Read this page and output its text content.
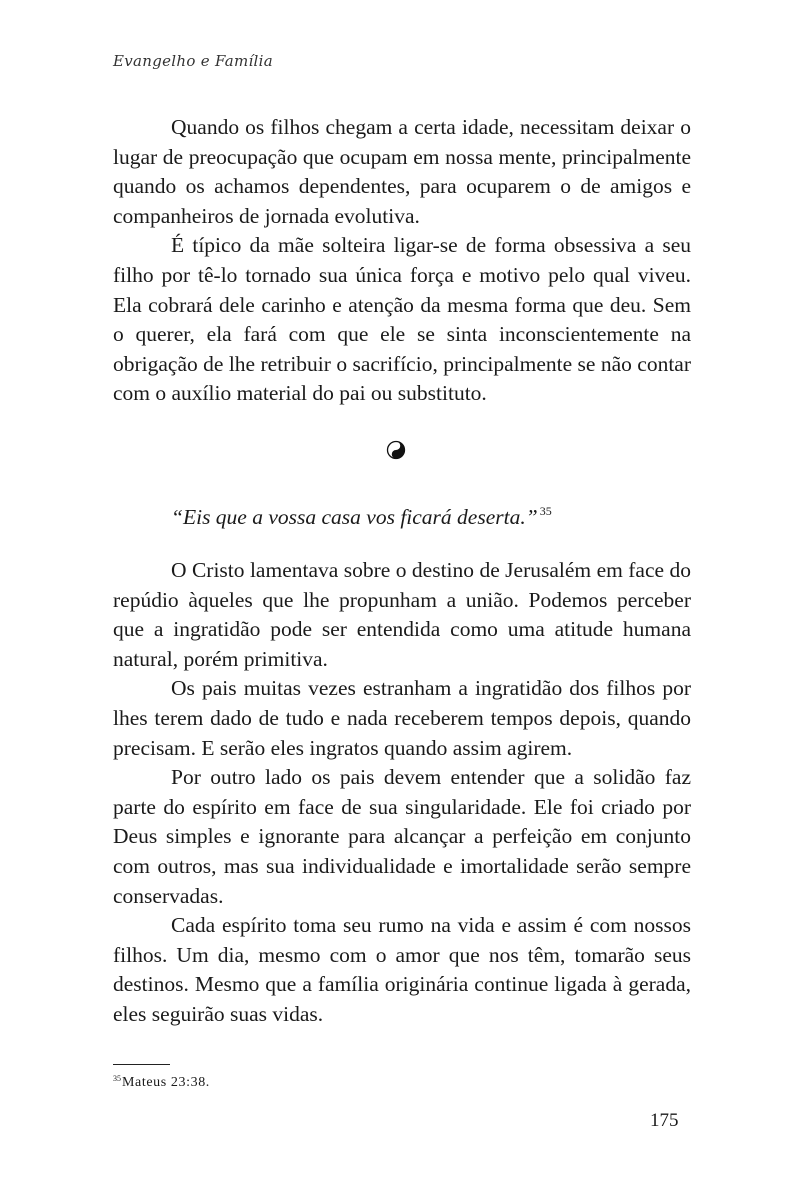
Evangelho e Família

Quando os filhos chegam a certa idade, necessitam deixar o lugar de preocupação que ocupam em nossa mente, principalmente quando os achamos dependentes, para ocuparem o de amigos e companheiros de jornada evolutiva.

É típico da mãe solteira ligar-se de forma obsessiva a seu filho por tê-lo tornado sua única força e motivo pelo qual viveu. Ela cobrará dele carinho e atenção da mesma forma que deu. Sem o querer, ela fará com que ele se sinta inconscientemente na obrigação de lhe retribuir o sacrifício, principalmente se não contar com o auxílio material do pai ou substituto.

“Eis que a vossa casa vos ficará deserta.” $^{35}$

O Cristo lamentava sobre o destino de Jerusalém em face do repúdio àqueles que lhe propunham a união. Podemos perceber que a ingratidão pode ser entendida como uma atitude humana natural, porém primitiva.

Os pais muitas vezes estranham a ingratidão dos filhos por lhes terem dado de tudo e nada receberem tempos depois, quando precisam. E serão eles ingratos quando assim agirem.

Por outro lado os pais devem entender que a solidão faz parte do espírito em face de sua singularidade. Ele foi criado por Deus simples e ignorante para alcançar a perfeição em conjunto com outros, mas sua individualidade e imortalidade serão sempre conservadas.

Cada espírito toma seu rumo na vida e assim é com nossos filhos. Um dia, mesmo com o amor que nos têm, tomarão seus destinos. Mesmo que a família originária continue ligada à gerada, eles seguirão suas vidas.

$^{35}$Mateus 23:38.
175
